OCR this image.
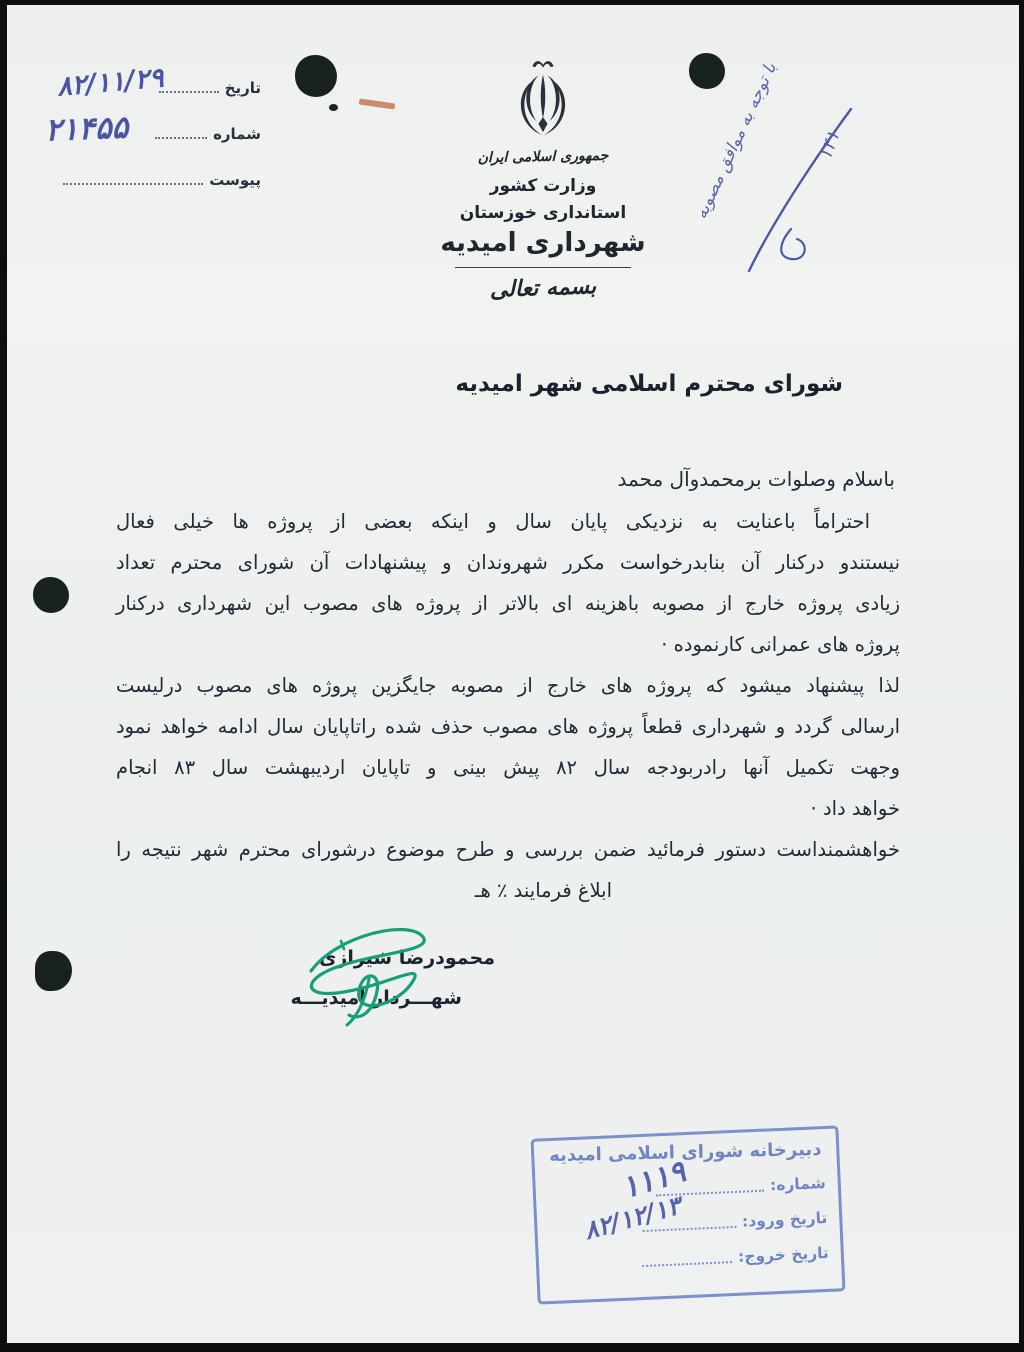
تاریخ
شماره
پیوست
۸۲/۱۱/۲۹
۲۱۴۵۵
جمهوری اسلامی ایران
وزارت کشور
استانداری خوزستان
شهرداری امیدیه
بسمه تعالی
با توجه به موافق مصوبه	۱۴۱
شورای محترم اسلامی شهر امیدیه
باسلام وصلوات برمحمدوآل محمد
احتراماً باعنایت به نزدیکی پایان سال و اینکه بعضی از پروژه ها خیلی فعال
نیستندو درکنار آن بنابدرخواست مکرر شهروندان و پیشنهادات آن شورای محترم تعداد
زیادی پروژه خارج از مصوبه باهزینه ای بالاتر از پروژه های مصوب این شهرداری درکنار
پروژه های عمرانی کارنموده ·
لذا پیشنهاد میشود که پروژه های خارج از مصوبه جایگزین پروژه های مصوب درلیست
ارسالی گردد و شهرداری قطعاً پروژه های مصوب حذف شده راتاپایان سال ادامه خواهد نمود
وجهت تکمیل آنها رادربودجه سال ۸۲ پیش بینی و تاپایان اردیبهشت سال ۸۳ انجام
خواهد داد ·
خواهشمنداست دستور فرمائید ضمن بررسی و طرح موضوع درشورای محترم شهر نتیجه را
ابلاغ فرمایند ٪ هـ
محمودرضا شیرازی
شهـــردار امیدیـــه
دبیرخانه شورای اسلامی امیدیه
شماره:
تاریخ ورود:
تاریخ خروج:
۱۱۱۹
۸۲/۱۲/۱۳
